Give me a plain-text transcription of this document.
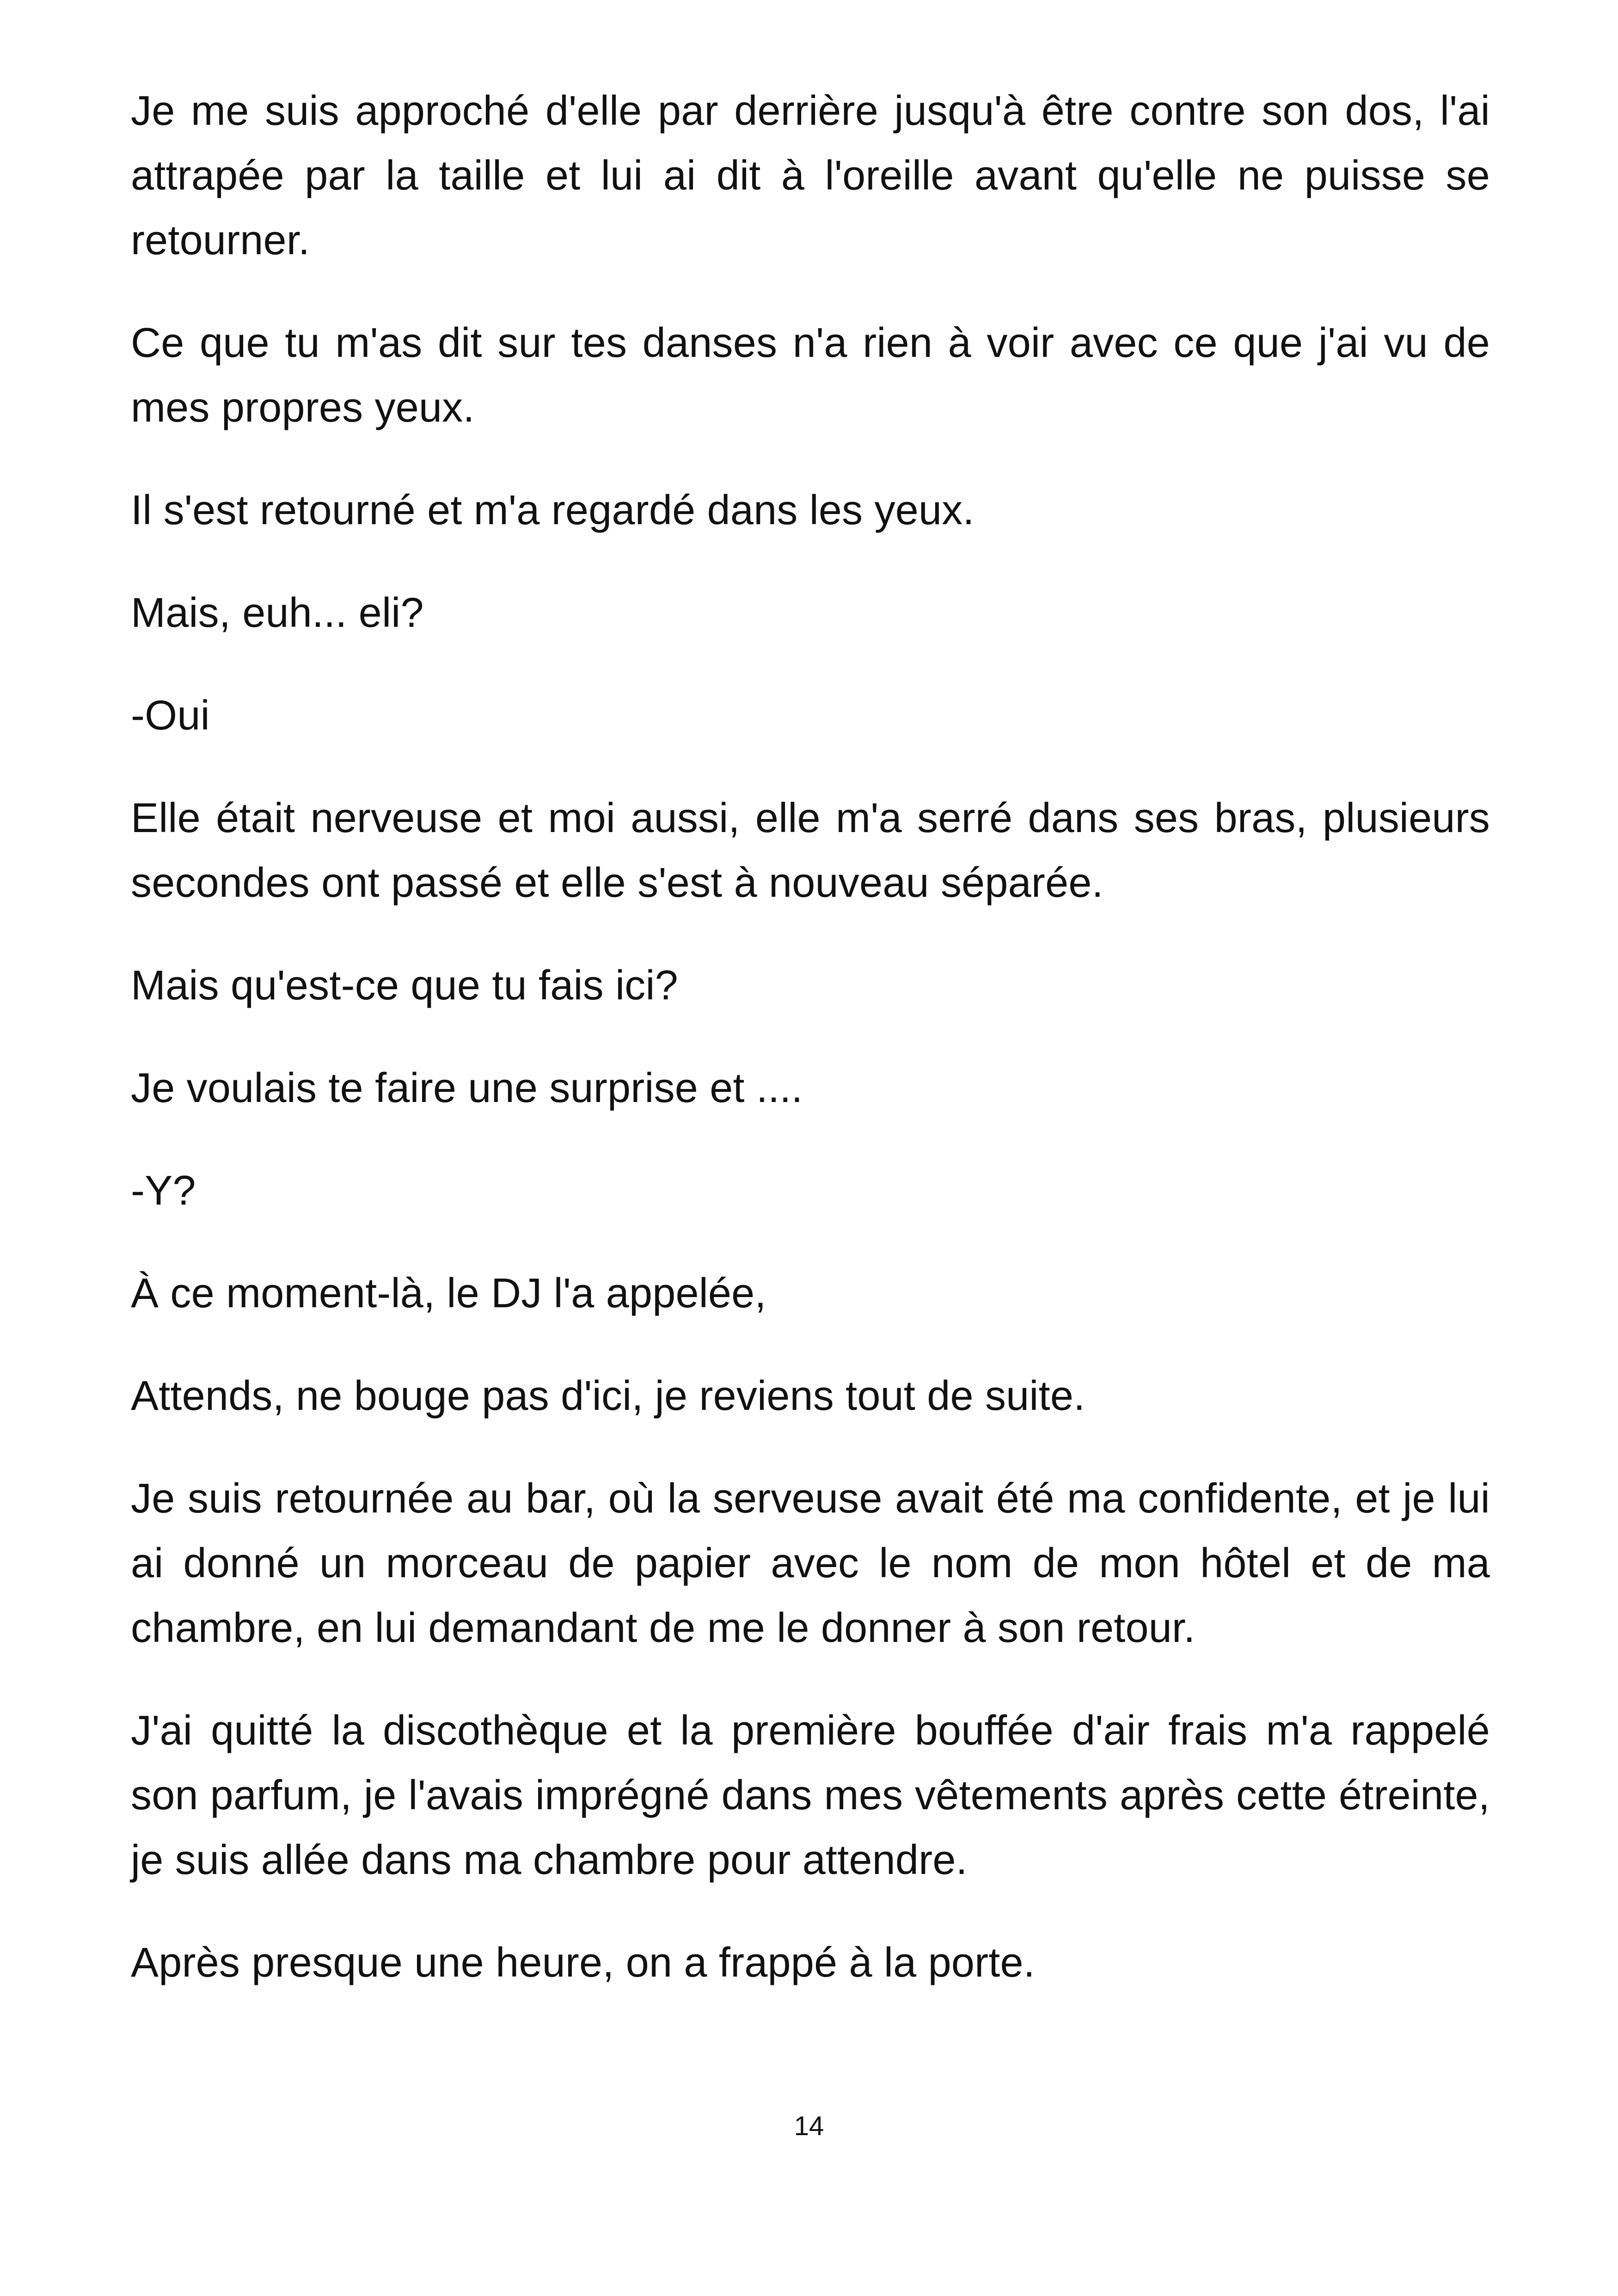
Je me suis approché d'elle par derrière jusqu'à être contre son dos, l'ai attrapée par la taille et lui ai dit à l'oreille avant qu'elle ne puisse se retourner.

Ce que tu m'as dit sur tes danses n'a rien à voir avec ce que j'ai vu de mes propres yeux.

Il s'est retourné et m'a regardé dans les yeux.

Mais, euh... eli?

-Oui

Elle était nerveuse et moi aussi, elle m'a serré dans ses bras, plusieurs secondes ont passé et elle s'est à nouveau séparée.

Mais qu'est-ce que tu fais ici?

Je voulais te faire une surprise et ....

-Y?

À ce moment-là, le DJ l'a appelée,

Attends, ne bouge pas d'ici, je reviens tout de suite.

Je suis retournée au bar, où la serveuse avait été ma confidente, et je lui ai donné un morceau de papier avec le nom de mon hôtel et de ma chambre, en lui demandant de me le donner à son retour.

J'ai quitté la discothèque et la première bouffée d'air frais m'a rappelé son parfum, je l'avais imprégné dans mes vêtements après cette étreinte, je suis allée dans ma chambre pour attendre.

Après presque une heure, on a frappé à la porte.

14
